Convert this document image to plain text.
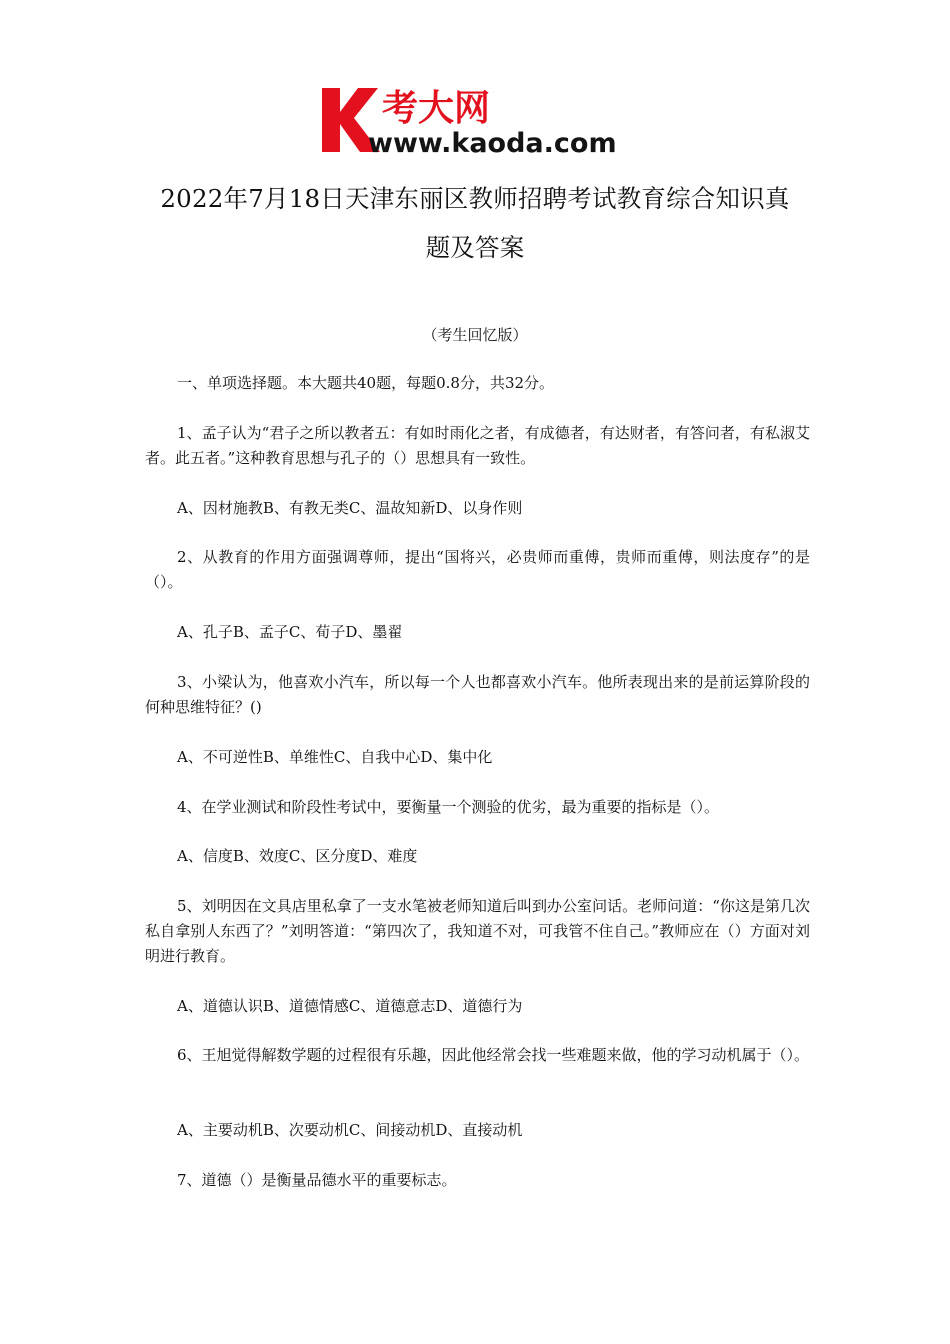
考大网
www.kaoda.com
2022年7月18日天津东丽区教师招聘考试教育综合知识真
题及答案
（考生回忆版）

一、单项选择题。本大题共40题，每题0.8分，共32分。

1、孟子认为“君子之所以教者五：有如时雨化之者，有成德者，有达财者，有答问者，有私淑艾者。此五者。”这种教育思想与孔子的（）思想具有一致性。

A、因材施教B、有教无类C、温故知新D、以身作则

2、从教育的作用方面强调尊师，提出“国将兴，必贵师而重傅，贵师而重傅，则法度存”的是（）。

A、孔子B、孟子C、荀子D、墨翟

3、小梁认为，他喜欢小汽车，所以每一个人也都喜欢小汽车。他所表现出来的是前运算阶段的何种思维特征？()

A、不可逆性B、单维性C、自我中心D、集中化

4、在学业测试和阶段性考试中，要衡量一个测验的优劣，最为重要的指标是（）。

A、信度B、效度C、区分度D、难度

5、刘明因在文具店里私拿了一支水笔被老师知道后叫到办公室问话。老师问道：“你这是第几次私自拿别人东西了？”刘明答道：“第四次了，我知道不对，可我管不住自己。”教师应在（）方面对刘明进行教育。

A、道德认识B、道德情感C、道德意志D、道德行为

6、王旭觉得解数学题的过程很有乐趣，因此他经常会找一些难题来做，他的学习动机属于（）。

A、主要动机B、次要动机C、间接动机D、直接动机

7、道德（）是衡量品德水平的重要标志。
